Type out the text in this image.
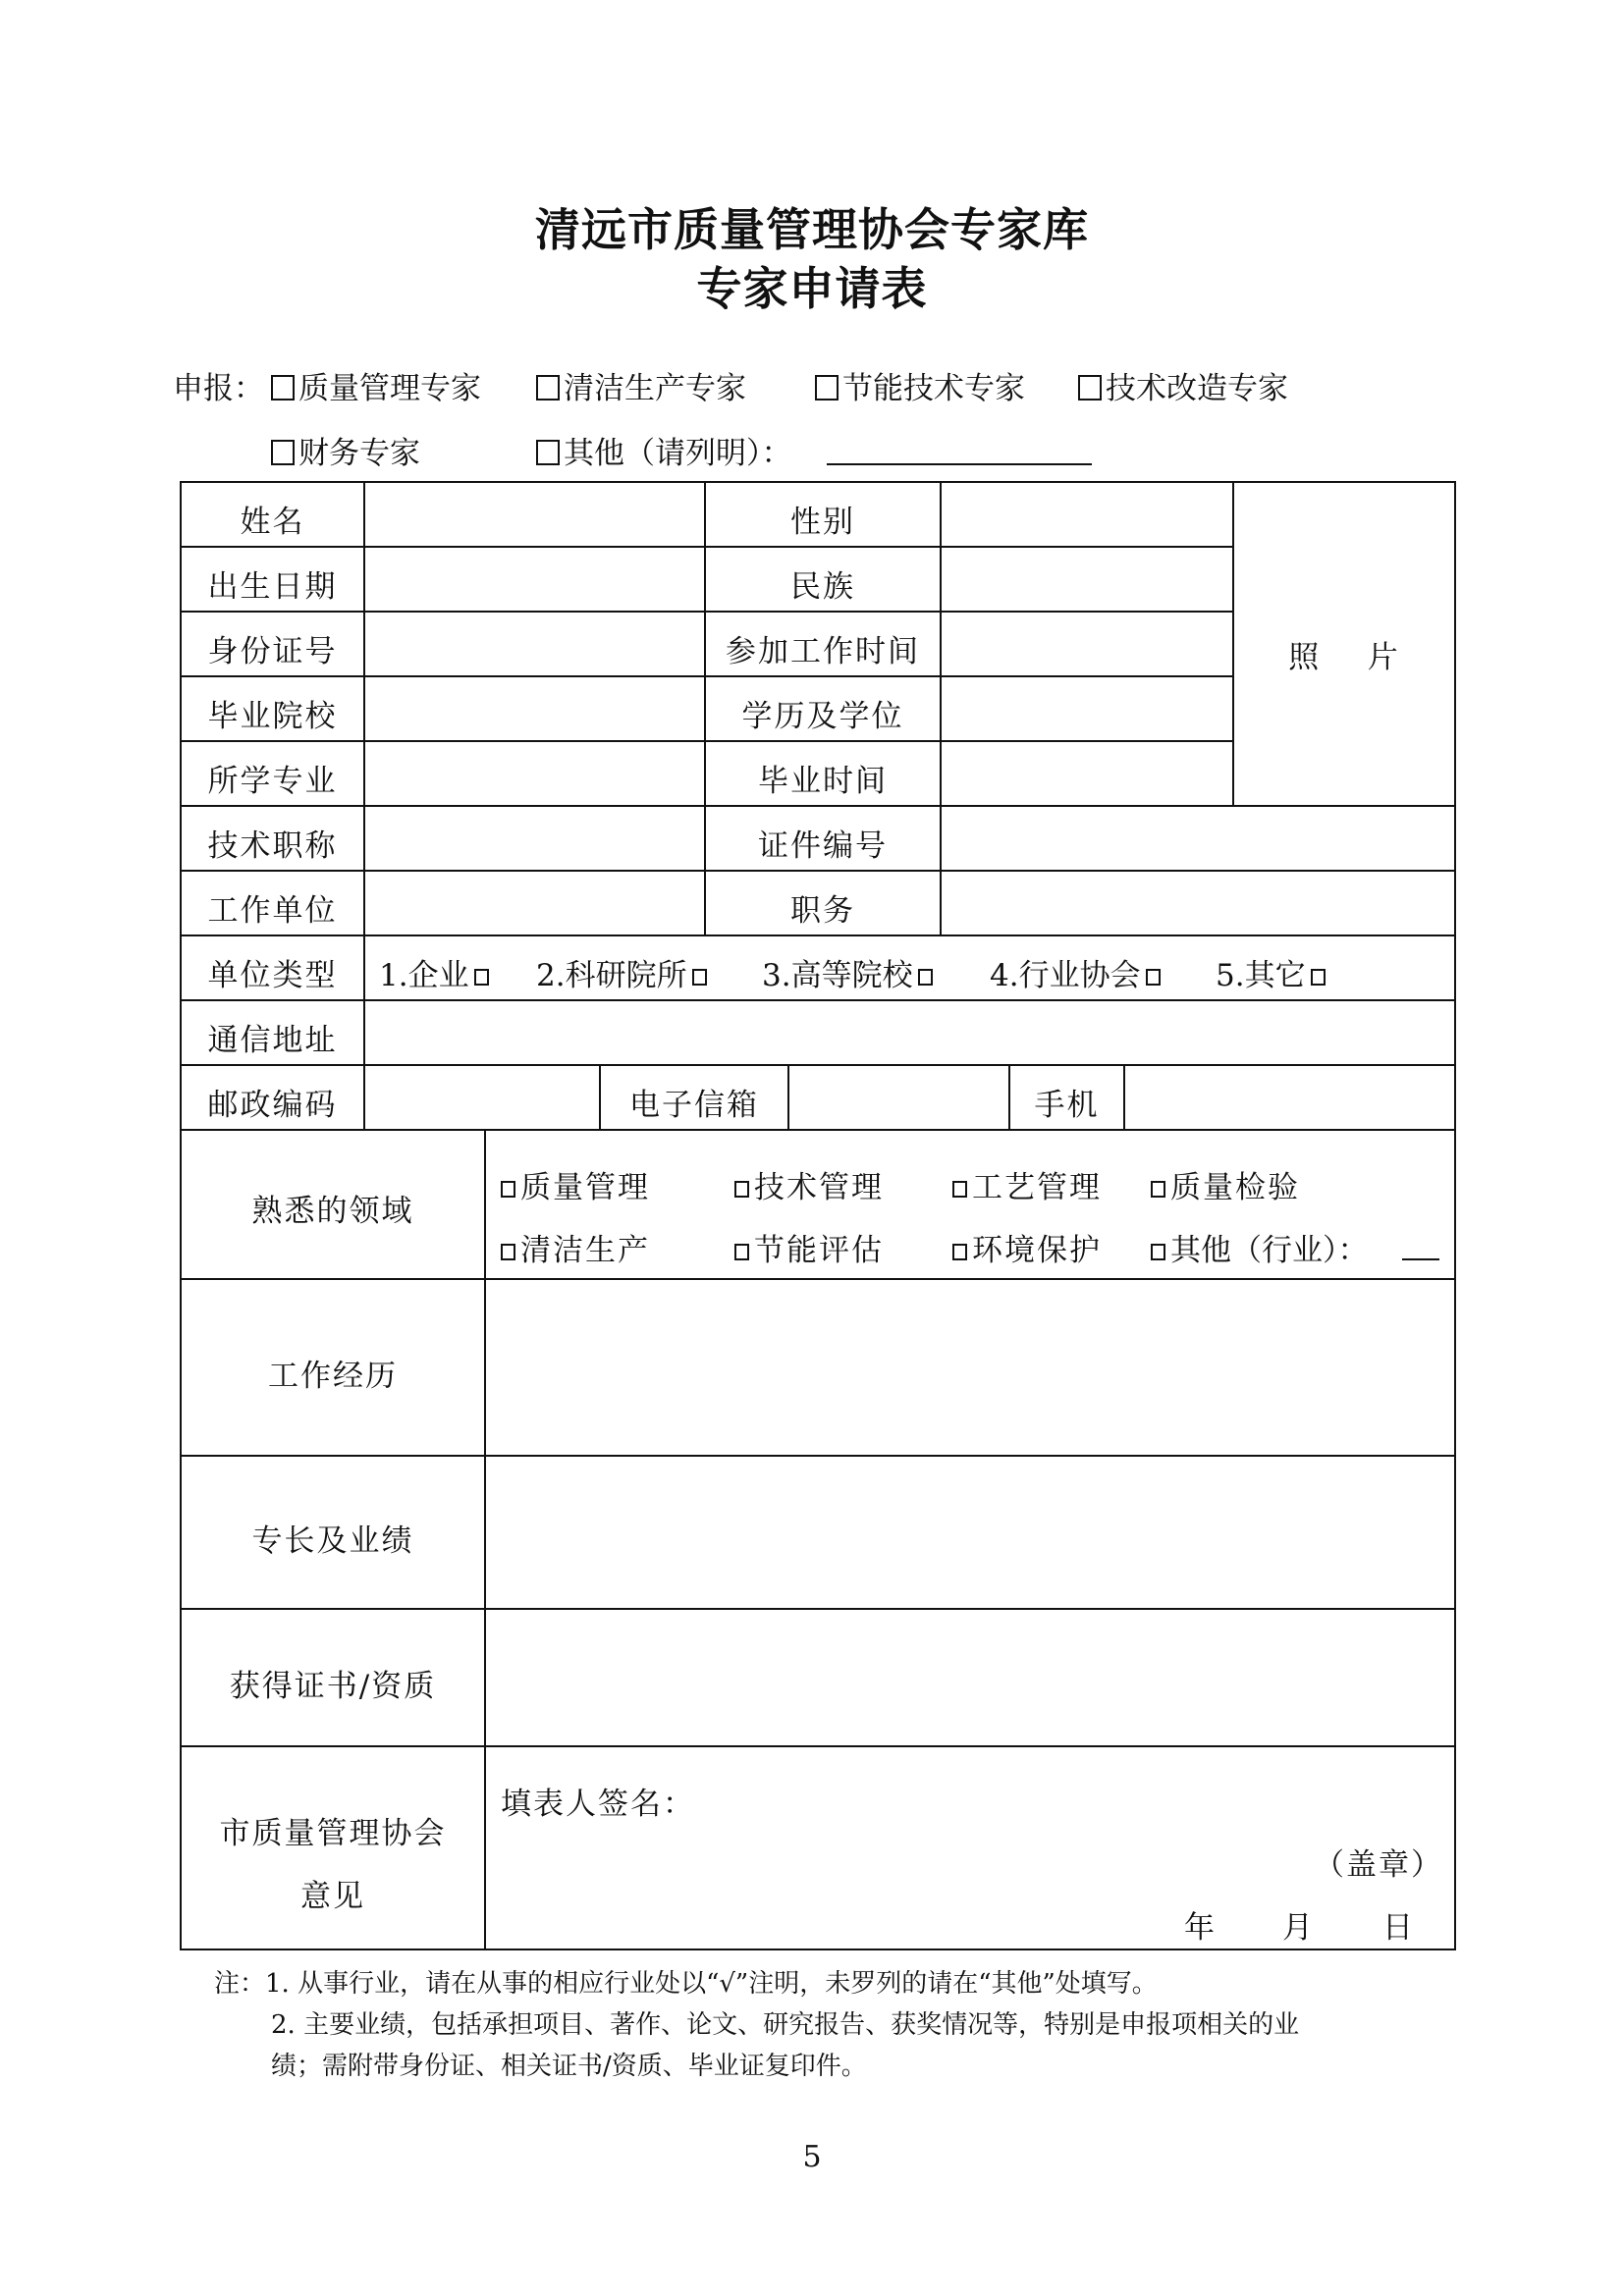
清远市质量管理协会专家库
专家申请表
申报：	质量管理专家	清洁生产专家	节能技术专家	技术改造专家
财务专家	其他（请列明）：
姓名	性别
出生日期	民族
身份证号	参加工作时间
毕业院校	学历及学位
所学专业	毕业时间
照    片
技术职称	证件编号
工作单位	职务
单位类型	1.企业	2.科研院所	3.高等院校	4.行业协会	5.其它
通信地址
邮政编码	电子信箱	手机
熟悉的领域
质量管理	技术管理	工艺管理	质量检验
清洁生产	节能评估	环境保护	其他（行业）：
工作经历
专长及业绩
获得证书/资质
市质量管理协会
意见
填表人签名：
（盖章）
年 月 日
注：1. 从事行业，请在从事的相应行业处以“√”注明，未罗列的请在“其他”处填写。
2. 主要业绩，包括承担项目、著作、论文、研究报告、获奖情况等，特别是申报项相关的业
绩；需附带身份证、相关证书/资质、毕业证复印件。
5
